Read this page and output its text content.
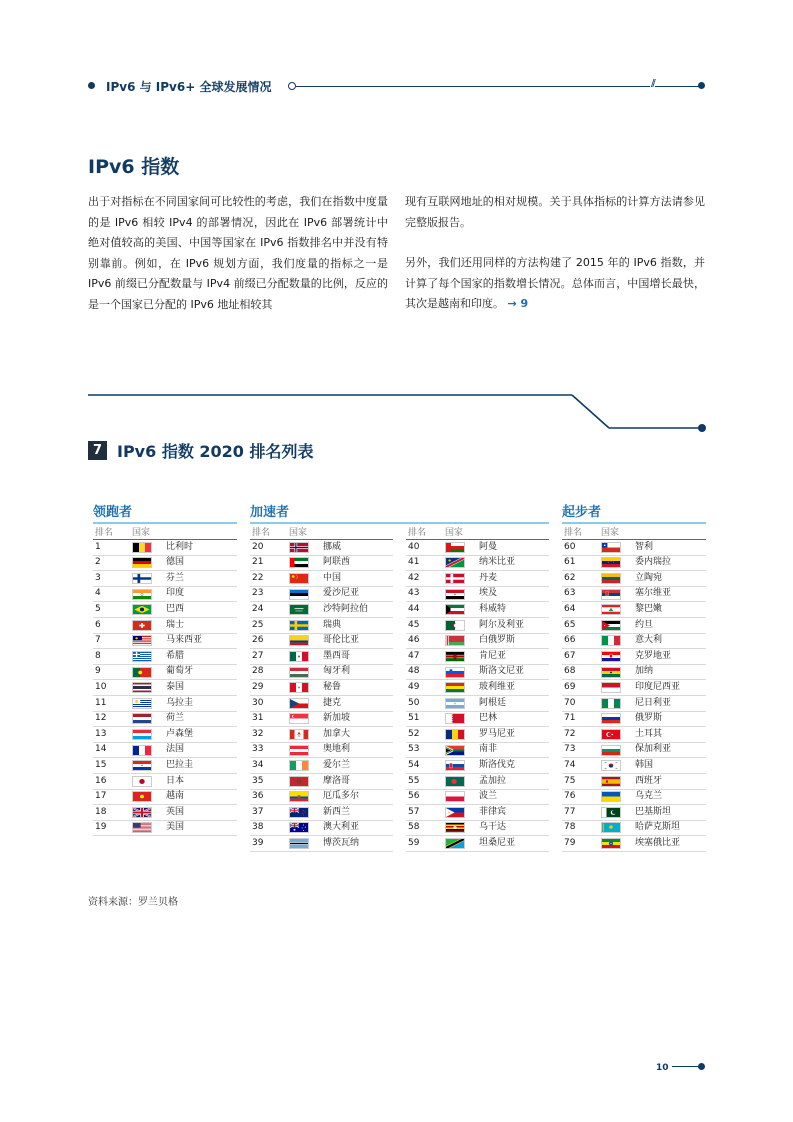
IPv6 与 IPv6+ 全球发展情况	//
IPv6 指数

出于对指标在不同国家间可比较性的考虑，我们在指数中度量的是 IPv6 相较 IPv4 的部署情况，因此在 IPv6 部署统计中绝对值较高的美国、中国等国家在 IPv6 指数排名中并没有特别靠前。例如，在 IPv6 规划方面，我们度量的指标之一是 IPv6 前缀已分配数量与 IPv4 前缀已分配数量的比例，反应的是一个国家已分配的 IPv6 地址相较其

现有互联网地址的相对规模。关于具体指标的计算方法请参见完整版报告。

另外，我们还用同样的方法构建了 2015 年的 IPv6 指数，并计算了每个国家的指数增长情况。总体而言，中国增长最快，其次是越南和印度。 → 9

7 IPv6 指数 2020 排名列表
领跑者
排名	国家
1	比利时
2	德国
3	芬兰
4	印度
5	巴西
6	瑞士
7	马来西亚
8	希腊
9	葡萄牙
10	泰国
11	乌拉圭
12	荷兰
13	卢森堡
14	法国
15	巴拉圭
16	日本
17	越南
18	英国
19	美国
加速者
排名	国家
20	挪威
21	阿联酋
22	中国
23	爱沙尼亚
24	沙特阿拉伯
25	瑞典
26	哥伦比亚
27	墨西哥
28	匈牙利
29	秘鲁
30	捷克
31	新加坡
32	加拿大
33	奥地利
34	爱尔兰
35	摩洛哥
36	厄瓜多尔
37	新西兰
38	澳大利亚
39	博茨瓦纳
排名	国家
40	阿曼
41	纳米比亚
42	丹麦
43	埃及
44	科威特
45	阿尔及利亚
46	白俄罗斯
47	肯尼亚
48	斯洛文尼亚
49	玻利维亚
50	阿根廷
51	巴林
52	罗马尼亚
53	南非
54	斯洛伐克
55	孟加拉
56	波兰
57	菲律宾
58	乌干达
59	坦桑尼亚
起步者
排名	国家
60	智利
61	委内瑞拉
62	立陶宛
63	塞尔维亚
64	黎巴嫩
65	约旦
66	意大利
67	克罗地亚
68	加纳
69	印度尼西亚
70	尼日利亚
71	俄罗斯
72	土耳其
73	保加利亚
74	韩国
75	西班牙
76	乌克兰
77	巴基斯坦
78	哈萨克斯坦
79	埃塞俄比亚
资料来源：罗兰贝格
10
